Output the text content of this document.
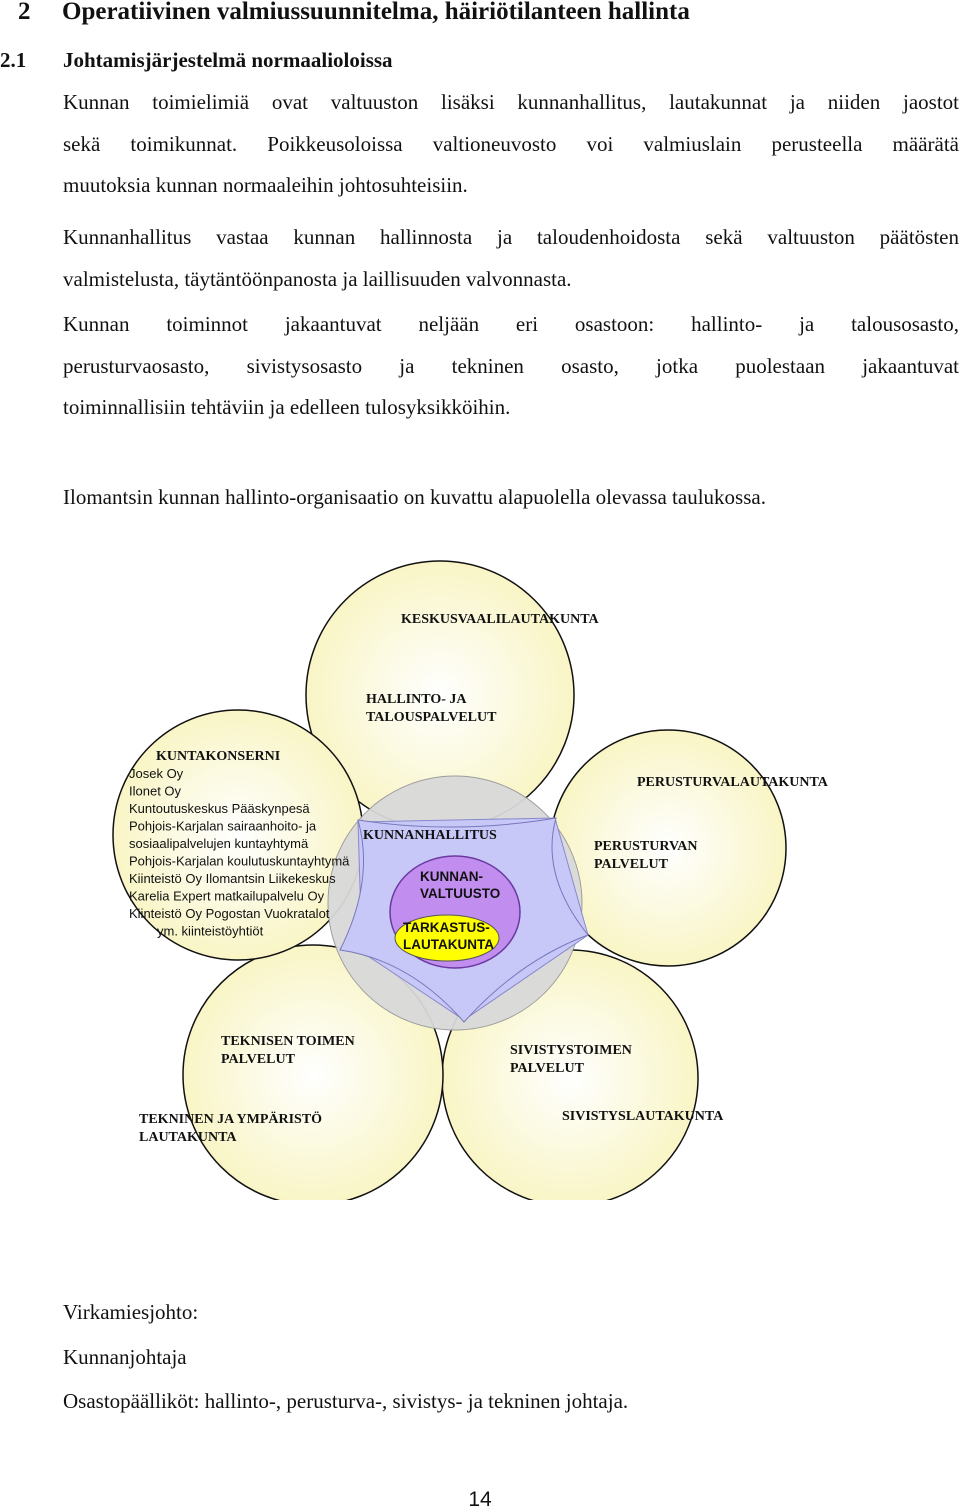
2 Operatiivinen valmiussuunnitelma, häiriötilanteen hallinta
2.1 Johtamisjärjestelmä normaalioloissa
Kunnan toimielimiä ovat valtuuston lisäksi kunnanhallitus, lautakunnat ja niiden jaostot
sekä toimikunnat. Poikkeusoloissa valtioneuvosto voi valmiuslain perusteella määrätä
muutoksia kunnan normaaleihin johtosuhteisiin.
Kunnanhallitus vastaa kunnan hallinnosta ja taloudenhoidosta sekä valtuuston päätösten
valmistelusta, täytäntöönpanosta ja laillisuuden valvonnasta.
Kunnan toiminnot jakaantuvat neljään eri osastoon: hallinto- ja talousosasto,
perusturvaosasto, sivistysosasto ja tekninen osasto, jotka puolestaan jakaantuvat
toiminnallisiin tehtäviin ja edelleen tulosyksikköihin.
Ilomantsin kunnan hallinto-organisaatio on kuvattu alapuolella olevassa taulukossa.
KESKUSVAALILAUTAKUNTA
HALLINTO- JA
TALOUSPALVELUT
PERUSTURVALAUTAKUNTA
PERUSTURVAN
PALVELUT
SIVISTYSTOIMEN
PALVELUT
SIVISTYSLAUTAKUNTA
TEKNISEN TOIMEN
PALVELUT
TEKNINEN JA YMPÄRISTÖ
LAUTAKUNTA
KUNTAKONSERNI
Josek Oy
Ilonet Oy
Kuntoutuskeskus Pääskynpesä
Pohjois-Karjalan sairaanhoito- ja
sosiaalipalvelujen kuntayhtymä
Pohjois-Karjalan koulutuskuntayhtymä
Kiinteistö Oy Ilomantsin Liikekeskus
Karelia Expert matkailupalvelu Oy
Kiinteistö Oy Pogostan Vuokratalot
ym. kiinteistöyhtiöt
KUNNANHALLITUS
KUNNAN-
VALTUUSTO
TARKASTUS-
LAUTAKUNTA
Virkamiesjohto:
Kunnanjohtaja
Osastopäälliköt: hallinto-, perusturva-, sivistys- ja tekninen johtaja.
14
